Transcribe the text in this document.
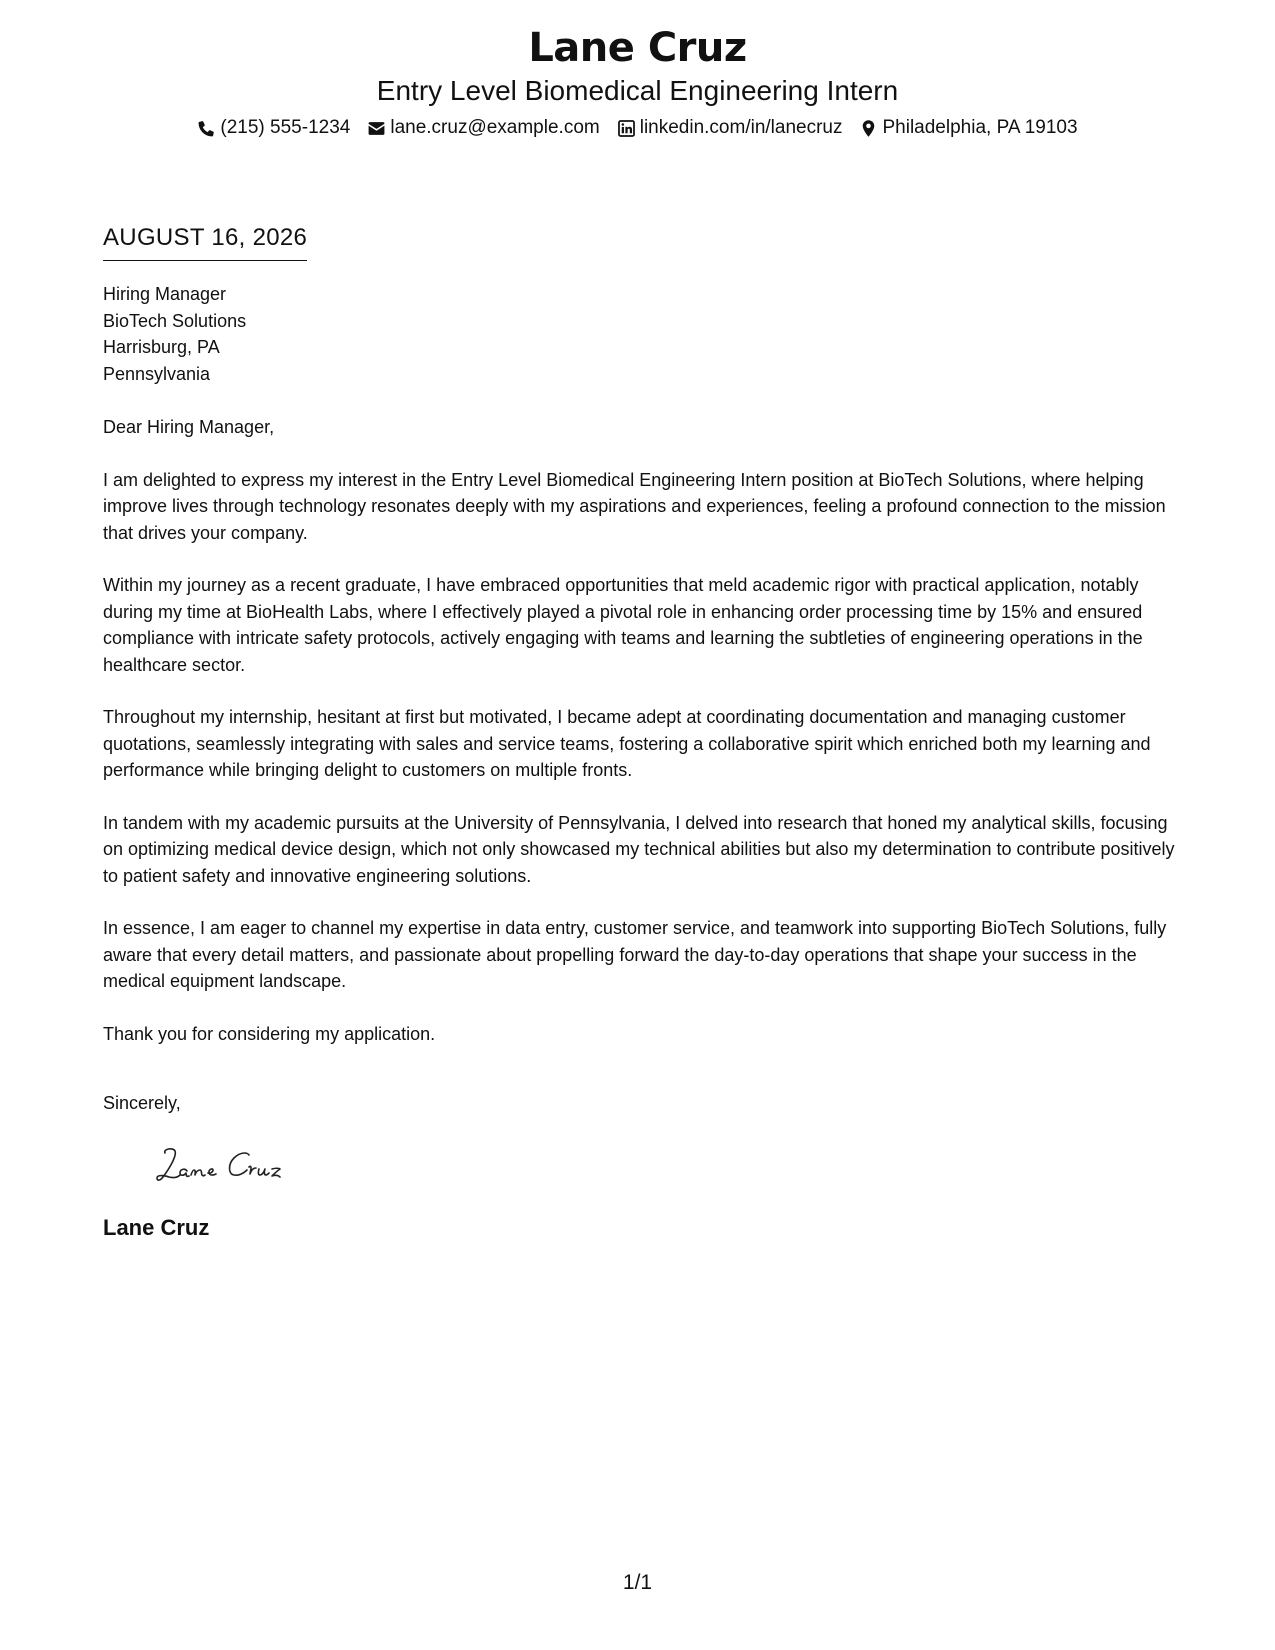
Lane Cruz
Entry Level Biomedical Engineering Intern
(215) 555-1234 lane.cruz@example.com linkedin.com/in/lanecruz Philadelphia, PA 19103
AUGUST 16, 2026
Hiring Manager
BioTech Solutions
Harrisburg, PA
Pennsylvania
Dear Hiring Manager,

I am delighted to express my interest in the Entry Level Biomedical Engineering Intern position at BioTech Solutions, where helping improve lives through technology resonates deeply with my aspirations and experiences, feeling a profound connection to the mission that drives your company.

Within my journey as a recent graduate, I have embraced opportunities that meld academic rigor with practical application, notably during my time at BioHealth Labs, where I effectively played a pivotal role in enhancing order processing time by 15% and ensured compliance with intricate safety protocols, actively engaging with teams and learning the subtleties of engineering operations in the healthcare sector.

Throughout my internship, hesitant at first but motivated, I became adept at coordinating documentation and managing customer quotations, seamlessly integrating with sales and service teams, fostering a collaborative spirit which enriched both my learning and performance while bringing delight to customers on multiple fronts.

In tandem with my academic pursuits at the University of Pennsylvania, I delved into research that honed my analytical skills, focusing on optimizing medical device design, which not only showcased my technical abilities but also my determination to contribute positively to patient safety and innovative engineering solutions.

In essence, I am eager to channel my expertise in data entry, customer service, and teamwork into supporting BioTech Solutions, fully aware that every detail matters, and passionate about propelling forward the day-to-day operations that shape your success in the medical equipment landscape.

Thank you for considering my application.

Sincerely,
Lane Cruz
1/1
